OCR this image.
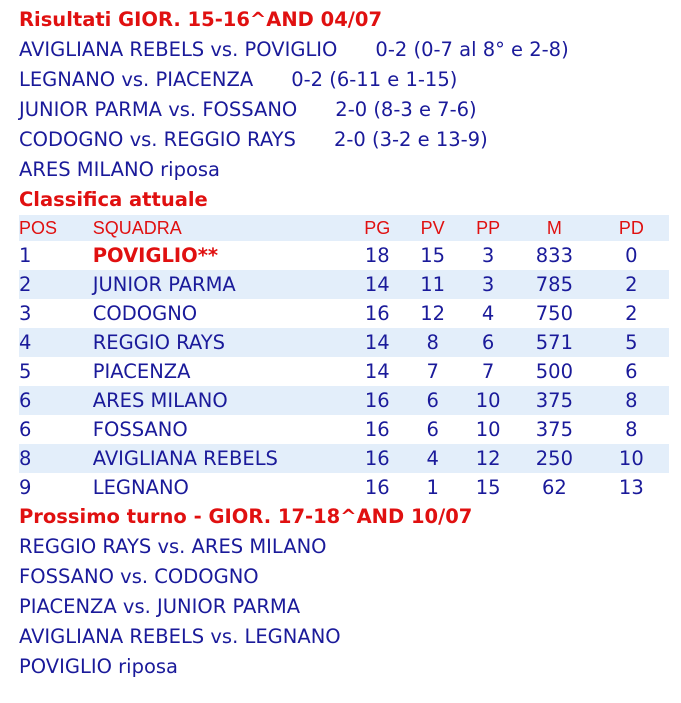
Risultati GIOR. 15-16^AND 04/07
AVIGLIANA REBELS vs. POVIGLIO 0-2 (0-7 al 8° e 2-8)
LEGNANO vs. PIACENZA 0-2 (6-11 e 1-15)
JUNIOR PARMA vs. FOSSANO 2-0 (8-3 e 7-6)
CODOGNO vs. REGGIO RAYS 2-0 (3-2 e 13-9)
ARES MILANO riposa
Classifica attuale
POS	SQUADRA	PG	PV	PP	M	PD
1	POVIGLIO**	18	15	3	833	0
2	JUNIOR PARMA	14	11	3	785	2
3	CODOGNO	16	12	4	750	2
4	REGGIO RAYS	14	8	6	571	5
5	PIACENZA	14	7	7	500	6
6	ARES MILANO	16	6	10	375	8
6	FOSSANO	16	6	10	375	8
8	AVIGLIANA REBELS	16	4	12	250	10
9	LEGNANO	16	1	15	62	13
Prossimo turno - GIOR. 17-18^AND 10/07
REGGIO RAYS vs. ARES MILANO
FOSSANO vs. CODOGNO
PIACENZA vs. JUNIOR PARMA
AVIGLIANA REBELS vs. LEGNANO
POVIGLIO riposa
